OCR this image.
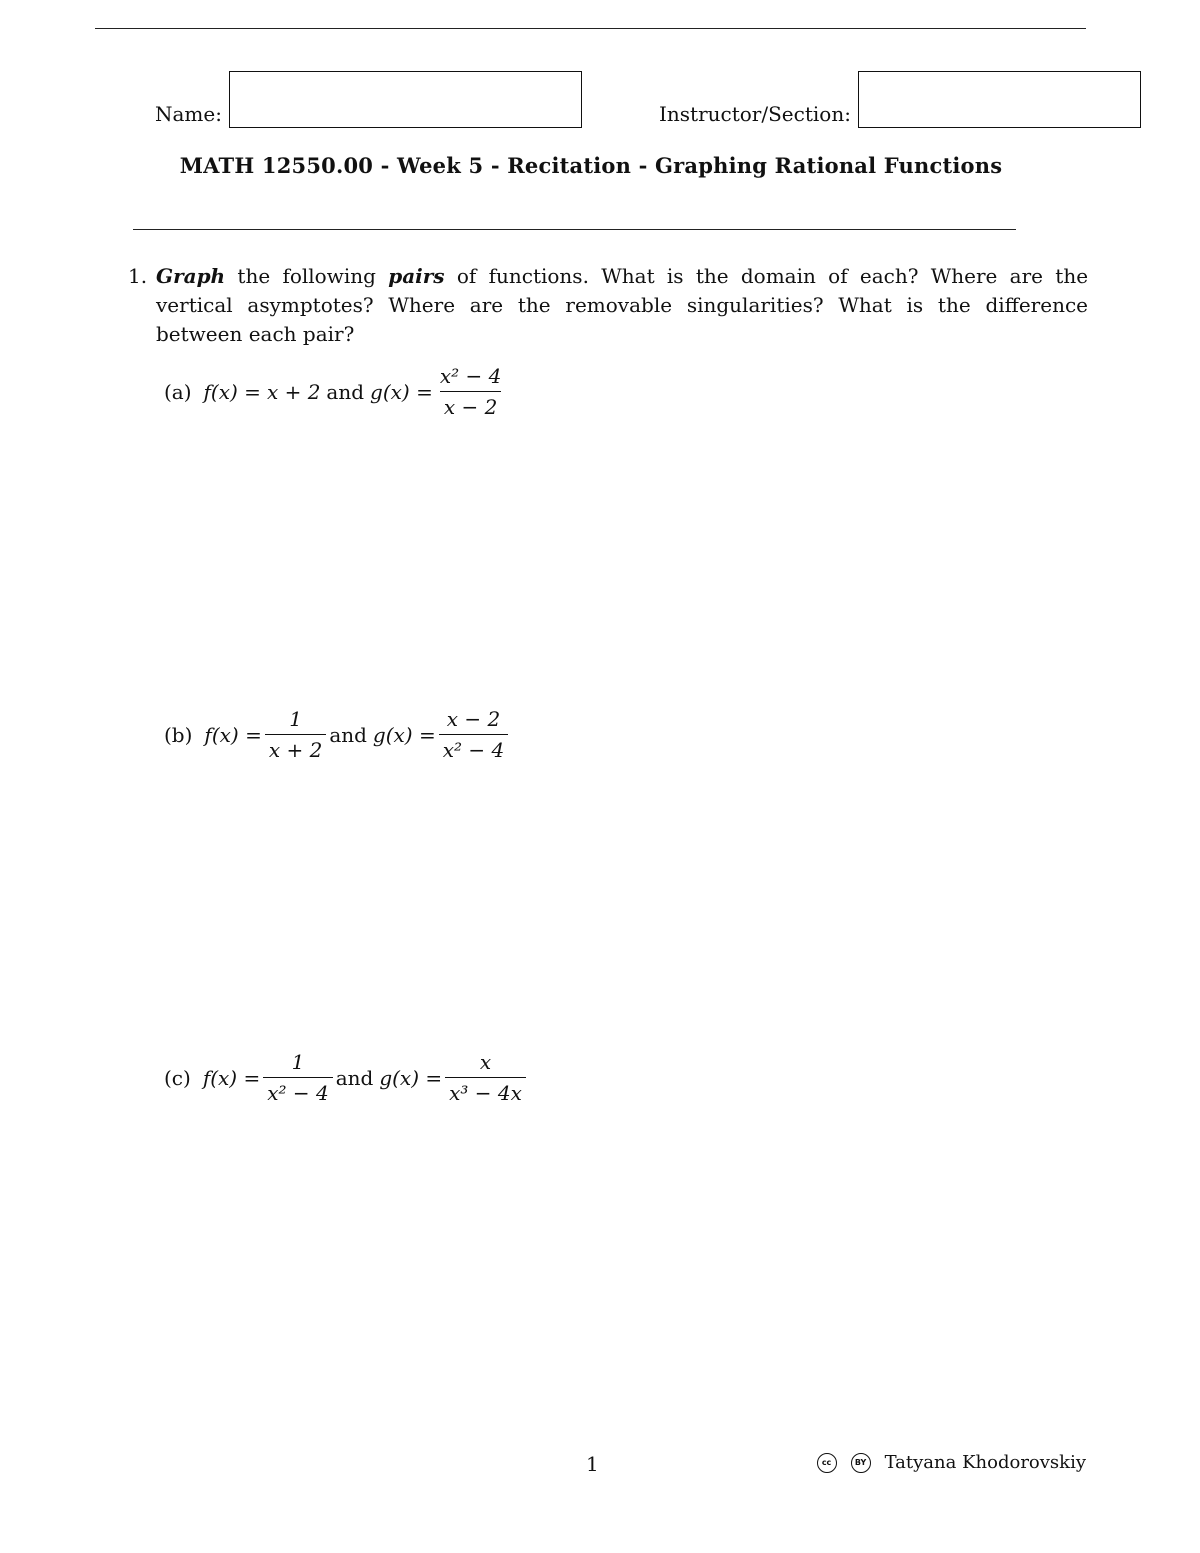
Name:	Instructor/Section:
MATH 12550.00 - Week 5 - Recitation - Graphing Rational Functions
1. Graph the following pairs of functions. What is the domain of each? Where are the vertical asymptotes? Where are the removable singularities? What is the difference between each pair?
(a) f(x) = x + 2 and $g(x) = \frac{\text{x² − 4}}{x - 2}$
(b) $f(x) = \frac{1}{x + 2}$ and $g(x) = \frac{x - 2}{\text{x² − 4}}$
(c) $f(x) = \frac{1}{\text{x² − 4}}$ and $g(x) = \frac{x}{\text{x³ − 4x}}$
1	cc	BY Tatyana Khodorovskiy
